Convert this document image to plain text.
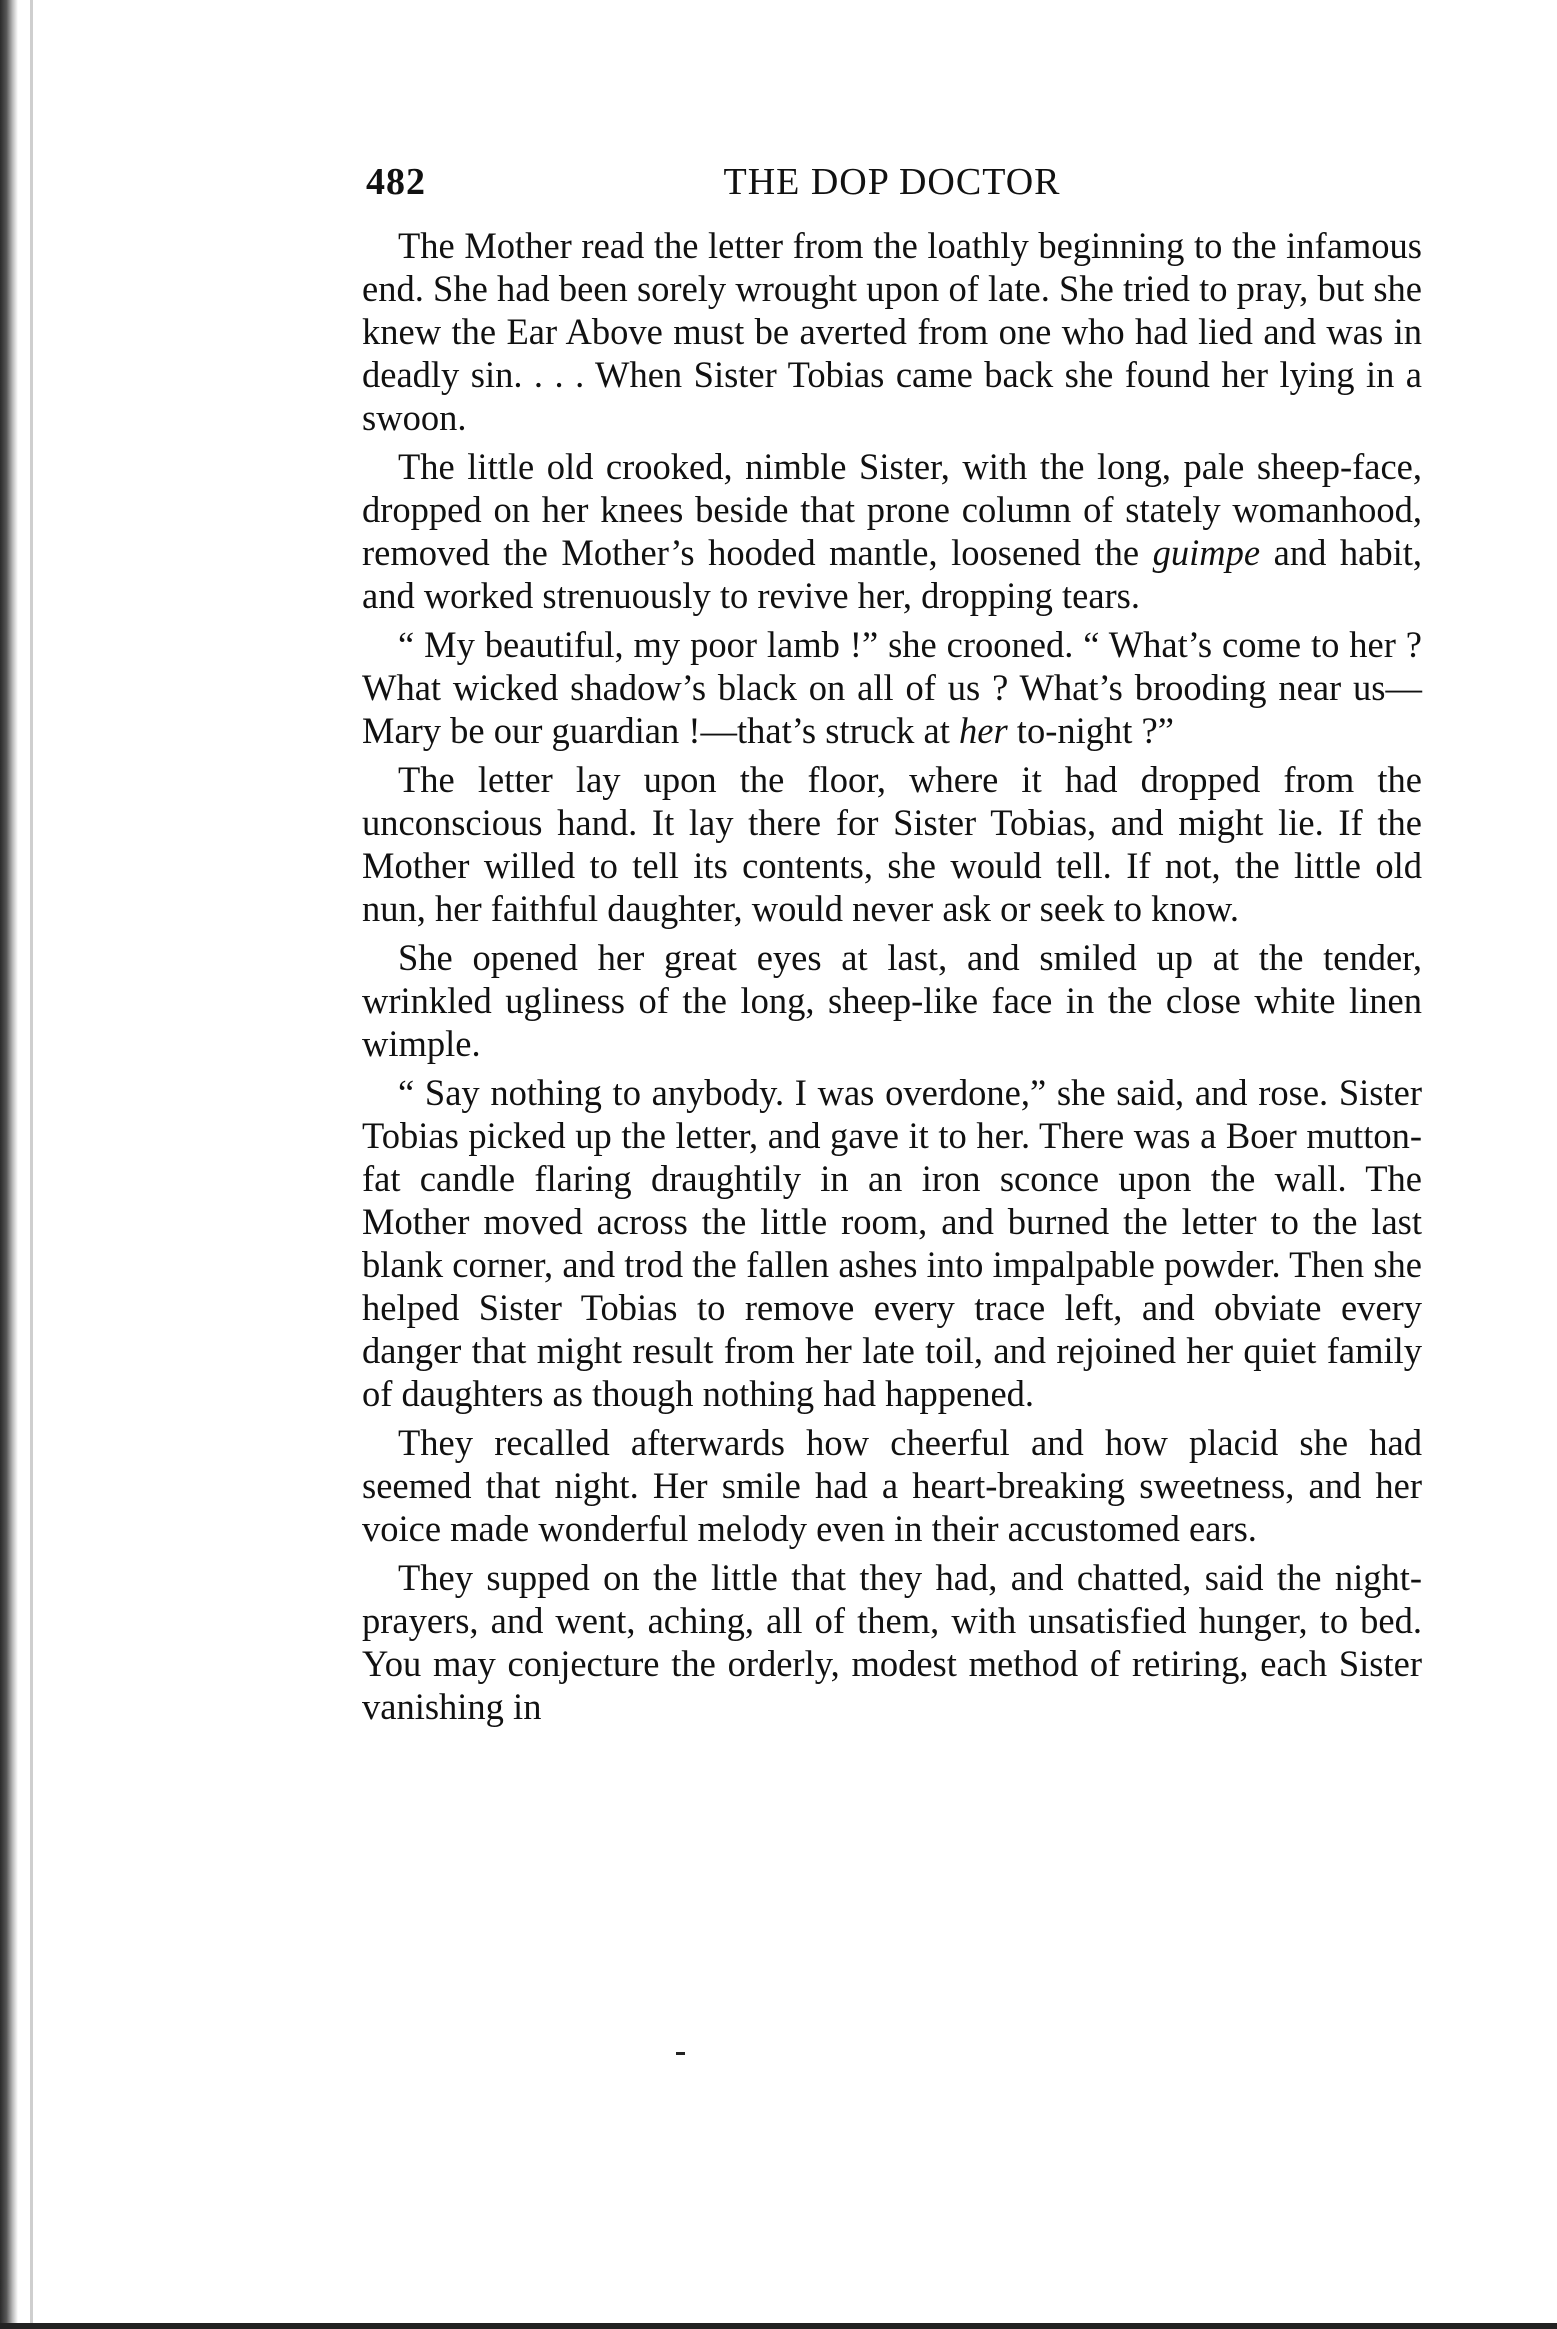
482	THE DOP DOCTOR

The Mother read the letter from the loathly beginning to the infamous end. She had been sorely wrought upon of late. She tried to pray, but she knew the Ear Above must be averted from one who had lied and was in deadly sin. . . . When Sister Tobias came back she found her lying in a swoon.

The little old crooked, nimble Sister, with the long, pale sheep-face, dropped on her knees beside that prone column of stately womanhood, removed the Mother’s hooded mantle, loosened the guimpe and habit, and worked strenuously to revive her, dropping tears.

“ My beautiful, my poor lamb !” she crooned. “ What’s come to her ? What wicked shadow’s black on all of us ? What’s brooding near us—Mary be our guardian !—that’s struck at her to-night ?”

The letter lay upon the floor, where it had dropped from the unconscious hand. It lay there for Sister Tobias, and might lie. If the Mother willed to tell its contents, she would tell. If not, the little old nun, her faithful daughter, would never ask or seek to know.

She opened her great eyes at last, and smiled up at the tender, wrinkled ugliness of the long, sheep-like face in the close white linen wimple.

“ Say nothing to anybody. I was overdone,” she said, and rose. Sister Tobias picked up the letter, and gave it to her. There was a Boer mutton-fat candle flaring draughtily in an iron sconce upon the wall. The Mother moved across the little room, and burned the letter to the last blank corner, and trod the fallen ashes into impalpable powder. Then she helped Sister Tobias to remove every trace left, and obviate every danger that might result from her late toil, and rejoined her quiet family of daughters as though nothing had happened.

They recalled afterwards how cheerful and how placid she had seemed that night. Her smile had a heart-breaking sweetness, and her voice made wonderful melody even in their accustomed ears.

They supped on the little that they had, and chatted, said the night-prayers, and went, aching, all of them, with unsatisfied hunger, to bed. You may conjecture the orderly, modest method of retiring, each Sister vanishing in
